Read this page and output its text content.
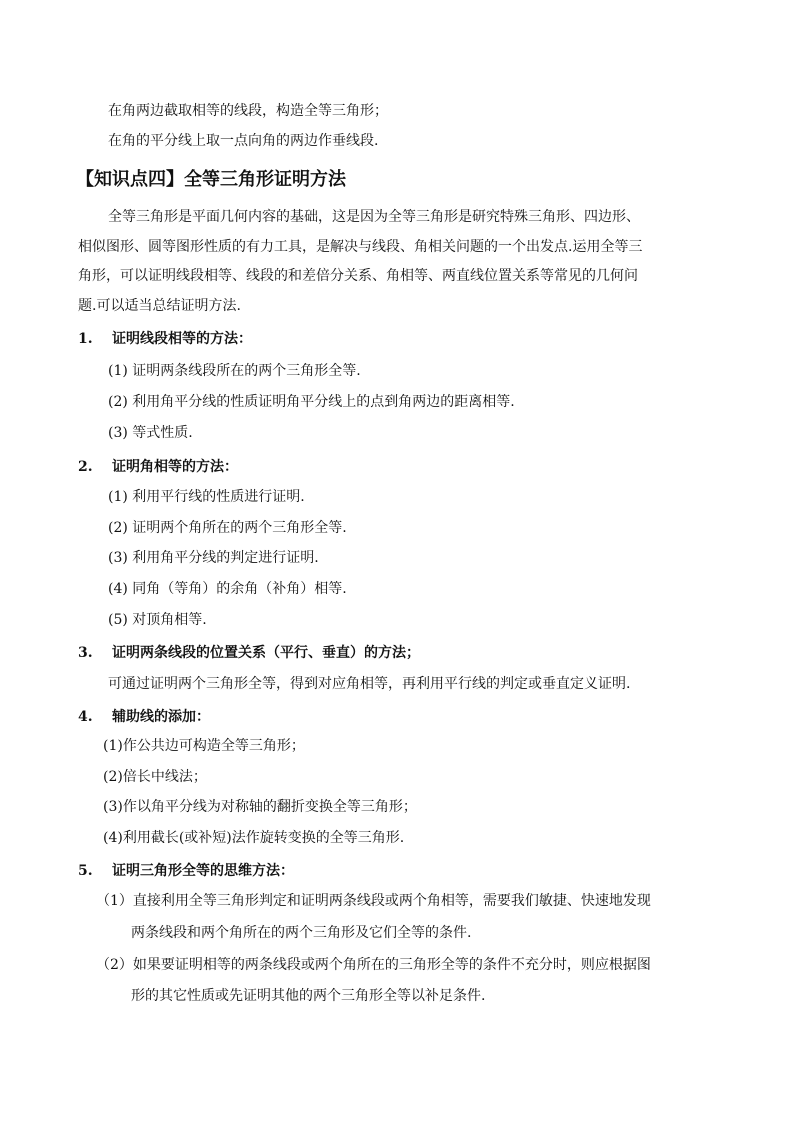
在角两边截取相等的线段，构造全等三角形；
在角的平分线上取一点向角的两边作垂线段.
【知识点四】全等三角形证明方法
全等三角形是平面几何内容的基础，这是因为全等三角形是研究特殊三角形、四边形、
相似图形、圆等图形性质的有力工具，是解决与线段、角相关问题的一个出发点.运用全等三
角形，可以证明线段相等、线段的和差倍分关系、角相等、两直线位置关系等常见的几何问
题.可以适当总结证明方法.
1. 证明线段相等的方法：
(1) 证明两条线段所在的两个三角形全等.
(2) 利用角平分线的性质证明角平分线上的点到角两边的距离相等.
(3) 等式性质.
2. 证明角相等的方法：
(1) 利用平行线的性质进行证明.
(2) 证明两个角所在的两个三角形全等.
(3) 利用角平分线的判定进行证明.
(4) 同角（等角）的余角（补角）相等.
(5) 对顶角相等.
3. 证明两条线段的位置关系（平行、垂直）的方法；
可通过证明两个三角形全等，得到对应角相等，再利用平行线的判定或垂直定义证明.
4. 辅助线的添加：
(1)作公共边可构造全等三角形；
(2)倍长中线法；
(3)作以角平分线为对称轴的翻折变换全等三角形；
(4)利用截长(或补短)法作旋转变换的全等三角形.
5. 证明三角形全等的思维方法：
（1）直接利用全等三角形判定和证明两条线段或两个角相等，需要我们敏捷、快速地发现
两条线段和两个角所在的两个三角形及它们全等的条件.
（2）如果要证明相等的两条线段或两个角所在的三角形全等的条件不充分时，则应根据图
形的其它性质或先证明其他的两个三角形全等以补足条件.
